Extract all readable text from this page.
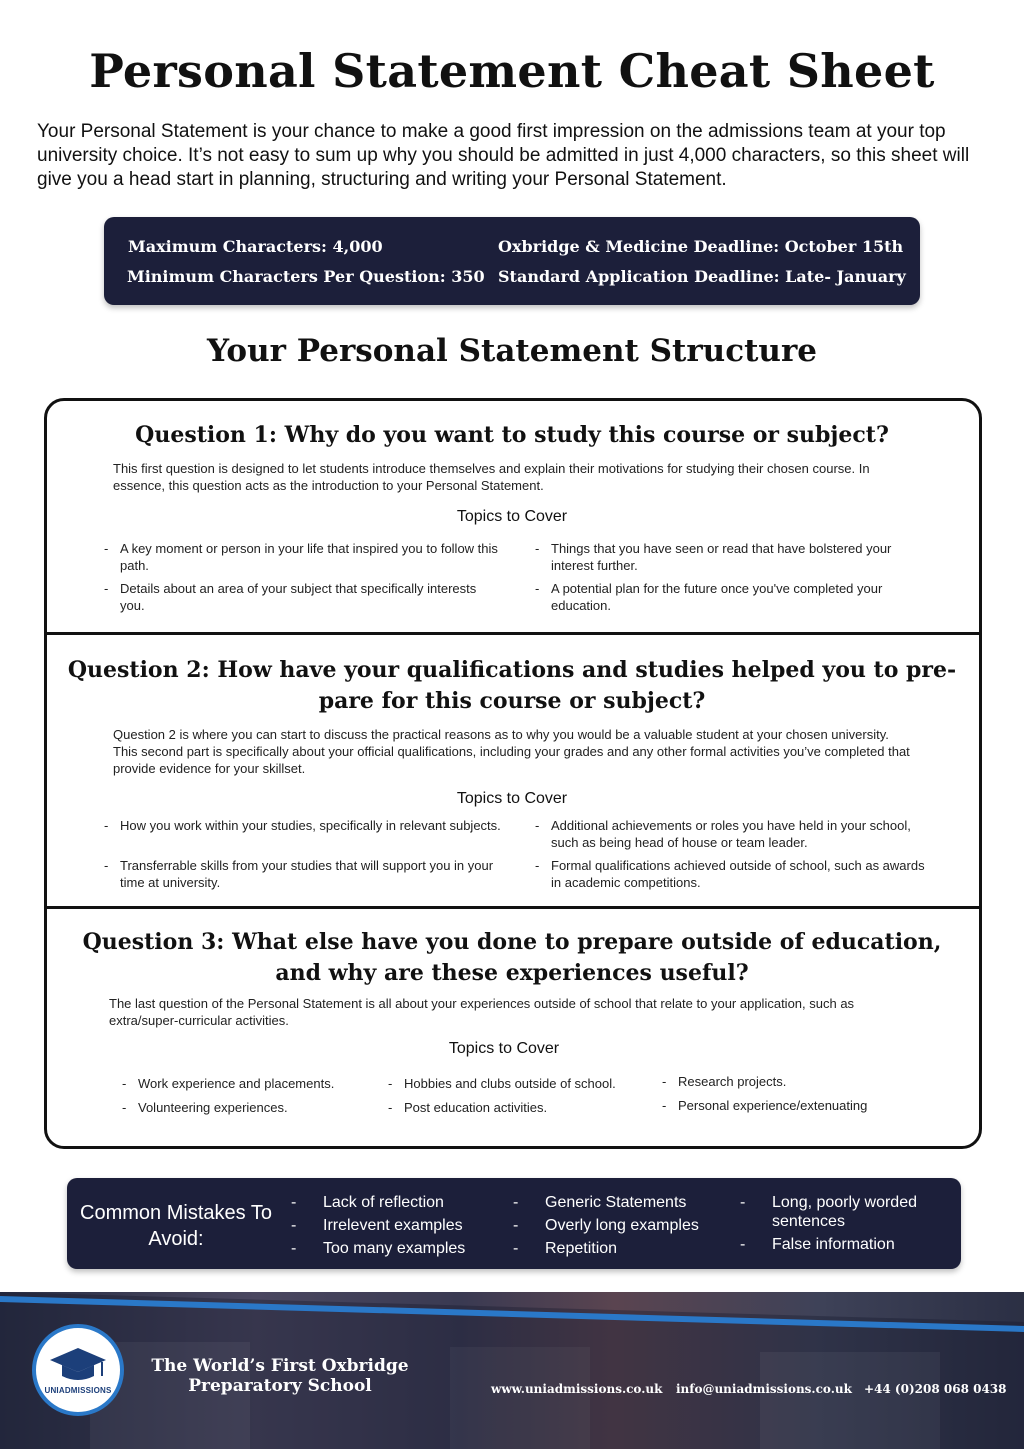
Personal Statement Cheat Sheet
Your Personal Statement is your chance to make a good first impression on the admissions team at your top university choice. It’s not easy to sum up why you should be admitted in just 4,000 characters, so this sheet will give you a head start in planning, structuring and writing your Personal Statement.
Maximum Characters: 4,000
Minimum Characters Per Question: 350
Oxbridge & Medicine Deadline: October 15th
Standard Application Deadline: Late- January
Your Personal Statement Structure
Question 1: Why do you want to study this course or subject?
This first question is designed to let students introduce themselves and explain their motivations for studying their chosen course. In essence, this question acts as the introduction to your Personal Statement.
Topics to Cover
- A key moment or person in your life that inspired you to follow this path.
- Details about an area of your subject that specifically interests you.
- Things that you have seen or read that have bolstered your interest further.
- A potential plan for the future once you've completed your education.
Question 2: How have your qualifications and studies helped you to pre-pare for this course or subject?
Question 2 is where you can start to discuss the practical reasons as to why you would be a valuable student at your chosen university. This second part is specifically about your official qualifications, including your grades and any other formal activities you’ve completed that provide evidence for your skillset.
Topics to Cover
- How you work within your studies, specifically in relevant subjects.
- Transferrable skills from your studies that will support you in your time at university.
- Additional achievements or roles you have held in your school, such as being head of house or team leader.
- Formal qualifications achieved outside of school, such as awards in academic competitions.
Question 3: What else have you done to prepare outside of education, and why are these experiences useful?
The last question of the Personal Statement is all about your experiences outside of school that relate to your application, such as extra/super-curricular activities.
Topics to Cover
- Work experience and placements.
- Volunteering experiences.
- Hobbies and clubs outside of school.
- Post education activities.
- Research projects.
- Personal experience/extenuating
Common Mistakes To Avoid:
- Lack of reflection
- Irrelevent examples
- Too many examples
- Generic Statements
- Overly long examples
- Repetition
- Long, poorly worded sentences
- False information
UNIADMISSIONS
The World’s First Oxbridge Preparatory School	www.uniadmissions.co.uk info@uniadmissions.co.uk +44 (0)208 068 0438
